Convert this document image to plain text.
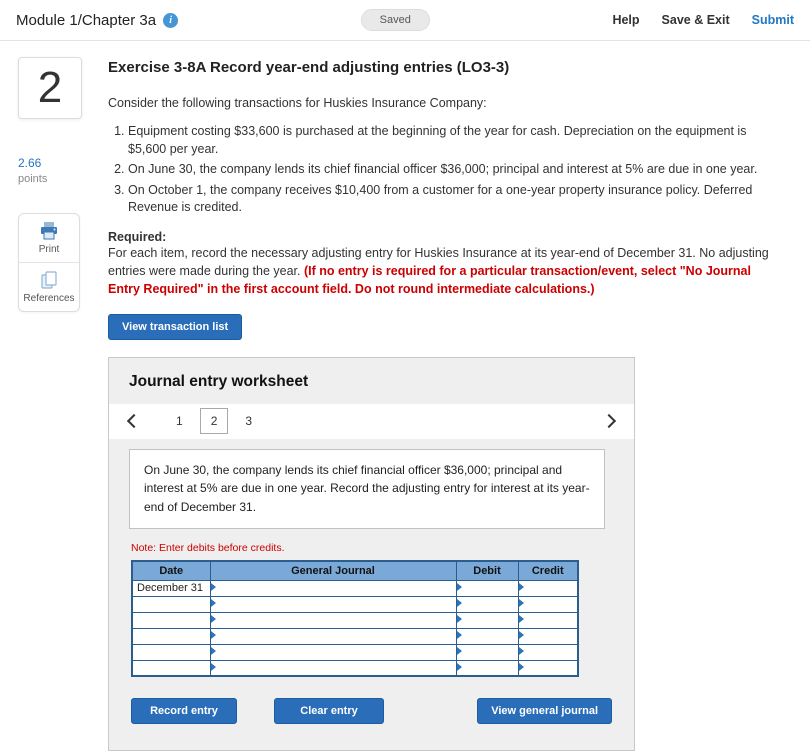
Module 1/Chapter 3a	i	Saved	Help Save & Exit Submit
2
2.66
points
Print
References
Exercise 3-8A Record year-end adjusting entries (LO3-3)
Consider the following transactions for Huskies Insurance Company:
1. Equipment costing $33,600 is purchased at the beginning of the year for cash. Depreciation on the equipment is $5,600 per year.
2. On June 30, the company lends its chief financial officer $36,000; principal and interest at 5% are due in one year.
3. On October 1, the company receives $10,400 from a customer for a one-year property insurance policy. Deferred Revenue is credited.
Required:
For each item, record the necessary adjusting entry for Huskies Insurance at its year-end of December 31. No adjusting entries were made during the year. (If no entry is required for a particular transaction/event, select "No Journal Entry Required" in the first account field. Do not round intermediate calculations.)
View transaction list
Journal entry worksheet
1	2	3
On June 30, the company lends its chief financial officer $36,000; principal and interest at 5% are due in one year. Record the adjusting entry for interest at its year-end of December 31.
Note: Enter debits before credits.
Date	General Journal	Debit	Credit
December 31	

Record entry	Clear entry	View general journal
